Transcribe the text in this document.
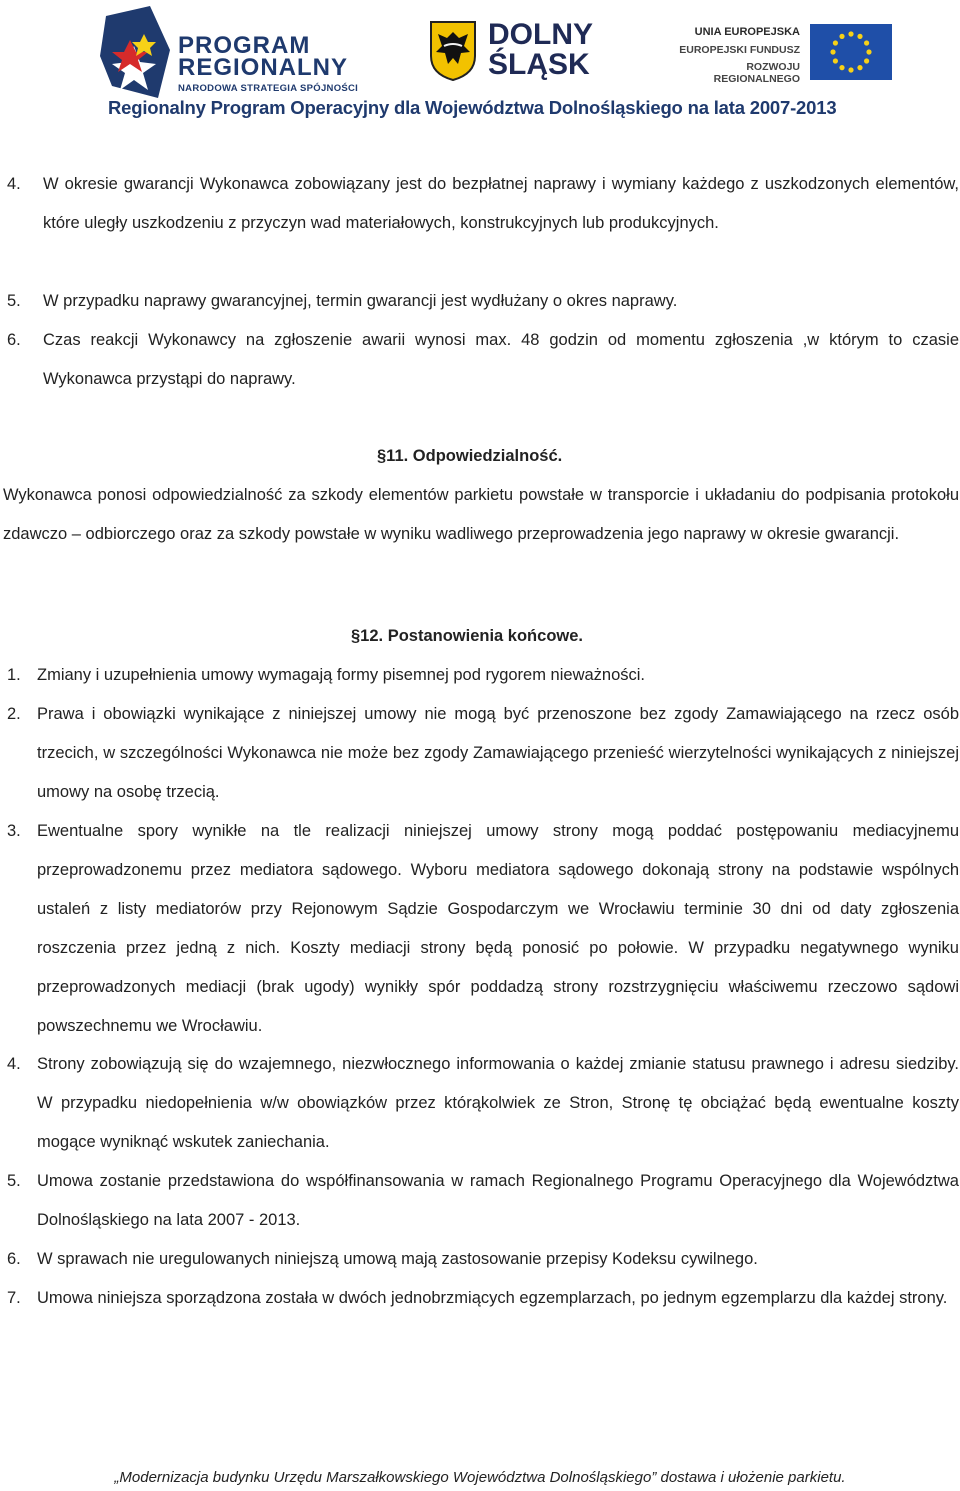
PROGRAM
REGIONALNY
NARODOWA STRATEGIA SPÓJNOŚCI
DOLNY
ŚLĄSK
UNIA EUROPEJSKA
EUROPEJSKI FUNDUSZ
ROZWOJU REGIONALNEGO
Regionalny Program Operacyjny dla Województwa Dolnośląskiego na lata 2007-2013
4. W okresie gwarancji Wykonawca zobowiązany jest do bezpłatnej naprawy i wymiany każdego z uszkodzonych elementów, które uległy uszkodzeniu z przyczyn wad materiałowych, konstrukcyjnych lub produkcyjnych.
5. W przypadku naprawy gwarancyjnej, termin gwarancji jest wydłużany o okres naprawy.
6. Czas reakcji Wykonawcy na zgłoszenie awarii wynosi max. 48 godzin od momentu zgłoszenia ,w którym to czasie Wykonawca przystąpi do naprawy.
§11. Odpowiedzialność.
Wykonawca ponosi odpowiedzialność za szkody elementów parkietu powstałe w transporcie i układaniu do podpisania protokołu zdawczo – odbiorczego oraz za szkody powstałe w wyniku wadliwego przeprowadzenia jego naprawy w okresie gwarancji.
§12. Postanowienia końcowe.
1. Zmiany i uzupełnienia umowy wymagają formy pisemnej pod rygorem nieważności.
2. Prawa i obowiązki wynikające z niniejszej umowy nie mogą być przenoszone bez zgody Zamawiającego na rzecz osób trzecich, w szczególności Wykonawca nie może bez zgody Zamawiającego przenieść wierzytelności wynikających z niniejszej umowy na osobę trzecią.
3. Ewentualne spory wynikłe na tle realizacji niniejszej umowy strony mogą poddać postępowaniu mediacyjnemu przeprowadzonemu przez mediatora sądowego. Wyboru mediatora sądowego dokonają strony na podstawie wspólnych ustaleń z listy mediatorów przy Rejonowym Sądzie Gospodarczym we Wrocławiu terminie 30 dni od daty zgłoszenia roszczenia przez jedną z nich. Koszty mediacji strony będą ponosić po połowie. W przypadku negatywnego wyniku przeprowadzonych mediacji (brak ugody) wynikły spór poddadzą strony rozstrzygnięciu właściwemu rzeczowo sądowi powszechnemu we Wrocławiu.
4. Strony zobowiązują się do wzajemnego, niezwłocznego informowania o każdej zmianie statusu prawnego i adresu siedziby. W przypadku niedopełnienia w/w obowiązków przez którąkolwiek ze Stron, Stronę tę obciążać będą ewentualne koszty mogące wyniknąć wskutek zaniechania.
5. Umowa zostanie przedstawiona do współfinansowania w ramach Regionalnego Programu Operacyjnego dla Województwa Dolnośląskiego na lata 2007 - 2013.
6. W sprawach nie uregulowanych niniejszą umową mają zastosowanie przepisy Kodeksu cywilnego.
7. Umowa niniejsza sporządzona została w dwóch jednobrzmiących egzemplarzach, po jednym egzemplarzu dla każdej strony.
„Modernizacja budynku Urzędu Marszałkowskiego Województwa Dolnośląskiego” dostawa i ułożenie parkietu.
